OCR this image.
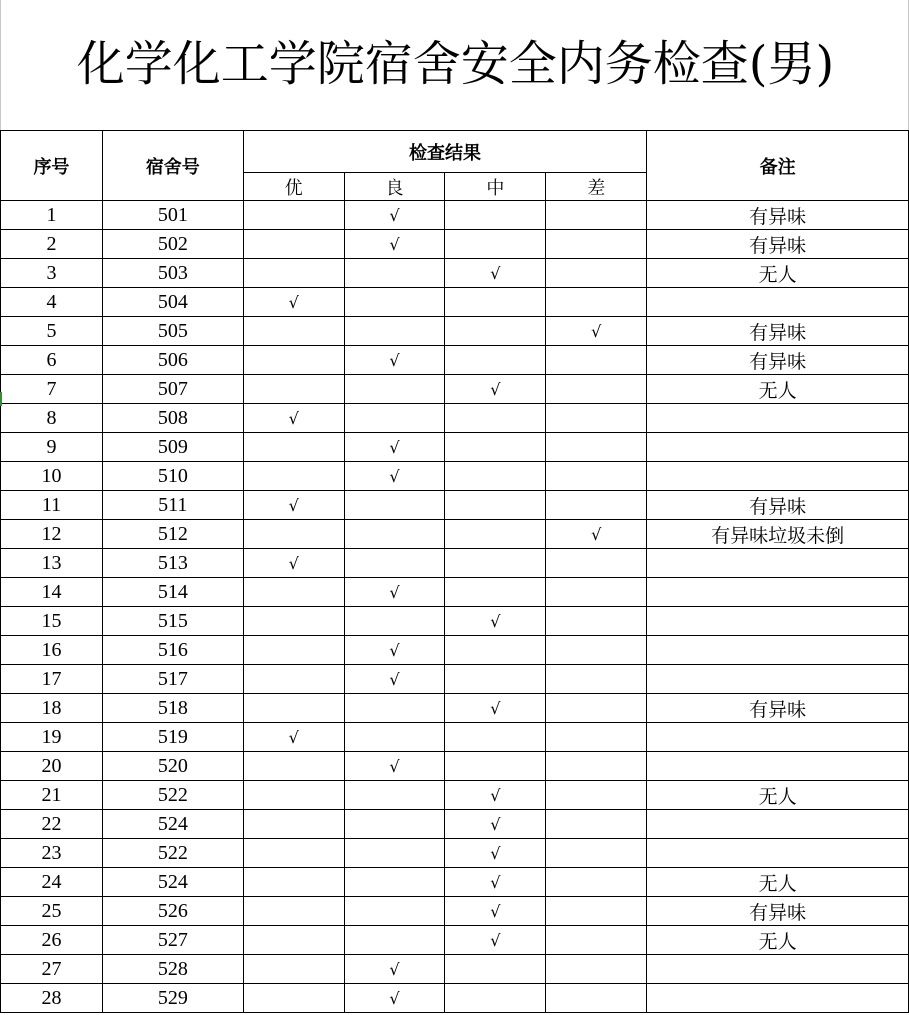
化学化工学院宿舍安全内务检查(男)
序号	宿舍号	检查结果				备注
		优	良	中	差	
1	501		√			有异味
2	502		√			有异味
3	503			√		无人
4	504	√				
5	505				√	有异味
6	506		√			有异味
7	507			√		无人
8	508	√				
9	509		√			
10	510		√			
11	511	√				有异味
12	512				√	有异味垃圾未倒
13	513	√				
14	514		√			
15	515			√		
16	516		√			
17	517		√			
18	518			√		有异味
19	519	√				
20	520		√			
21	522			√		无人
22	524			√		
23	522			√		
24	524			√		无人
25	526			√		有异味
26	527			√		无人
27	528		√			
28	529		√			
